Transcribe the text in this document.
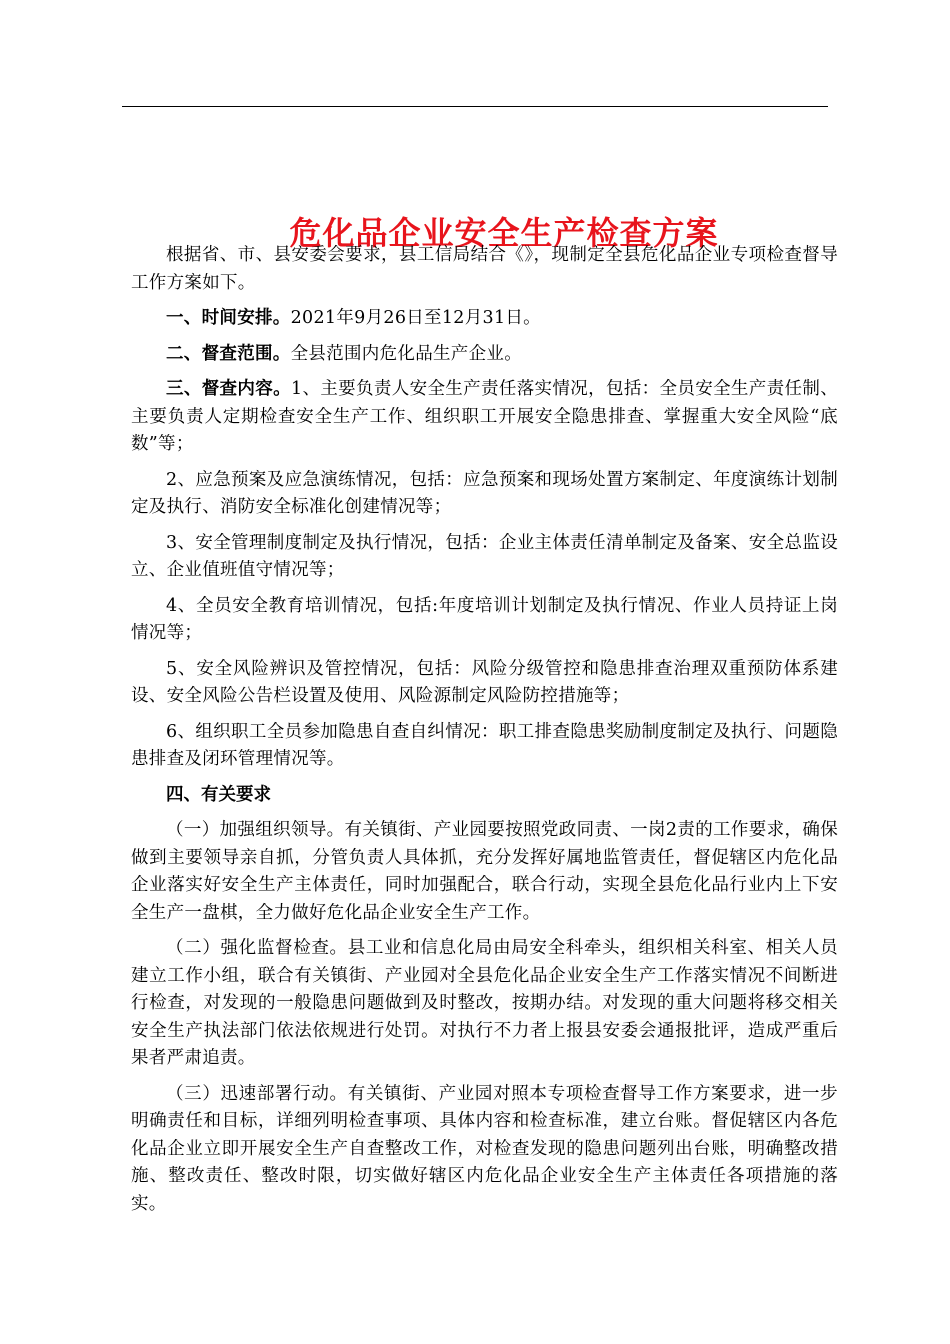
危化品企业安全生产检查方案

根据省、市、县安委会要求，县工信局结合《》，现制定全县危化品企业专项检查督导工作方案如下。

一、时间安排。2021年9月26日至12月31日。

二、督查范围。全县范围内危化品生产企业。

三、督查内容。1、主要负责人安全生产责任落实情况，包括：全员安全生产责任制、主要负责人定期检查安全生产工作、组织职工开展安全隐患排查、掌握重大安全风险“底数”等；

2、应急预案及应急演练情况，包括：应急预案和现场处置方案制定、年度演练计划制定及执行、消防安全标准化创建情况等；

3、安全管理制度制定及执行情况，包括：企业主体责任清单制定及备案、安全总监设立、企业值班值守情况等；

4、全员安全教育培训情况，包括:年度培训计划制定及执行情况、作业人员持证上岗情况等；

5、安全风险辨识及管控情况，包括：风险分级管控和隐患排查治理双重预防体系建设、安全风险公告栏设置及使用、风险源制定风险防控措施等；

6、组织职工全员参加隐患自查自纠情况：职工排查隐患奖励制度制定及执行、问题隐患排查及闭环管理情况等。

四、有关要求

（一）加强组织领导。有关镇街、产业园要按照党政同责、一岗2责的工作要求，确保做到主要领导亲自抓，分管负责人具体抓，充分发挥好属地监管责任，督促辖区内危化品企业落实好安全生产主体责任，同时加强配合，联合行动，实现全县危化品行业内上下安全生产一盘棋，全力做好危化品企业安全生产工作。

（二）强化监督检查。县工业和信息化局由局安全科牵头，组织相关科室、相关人员建立工作小组，联合有关镇街、产业园对全县危化品企业安全生产工作落实情况不间断进行检查，对发现的一般隐患问题做到及时整改，按期办结。对发现的重大问题将移交相关安全生产执法部门依法依规进行处罚。对执行不力者上报县安委会通报批评，造成严重后果者严肃追责。

（三）迅速部署行动。有关镇街、产业园对照本专项检查督导工作方案要求，进一步明确责任和目标，详细列明检查事项、具体内容和检查标准，建立台账。督促辖区内各危化品企业立即开展安全生产自查整改工作，对检查发现的隐患问题列出台账，明确整改措施、整改责任、整改时限，切实做好辖区内危化品企业安全生产主体责任各项措施的落实。
